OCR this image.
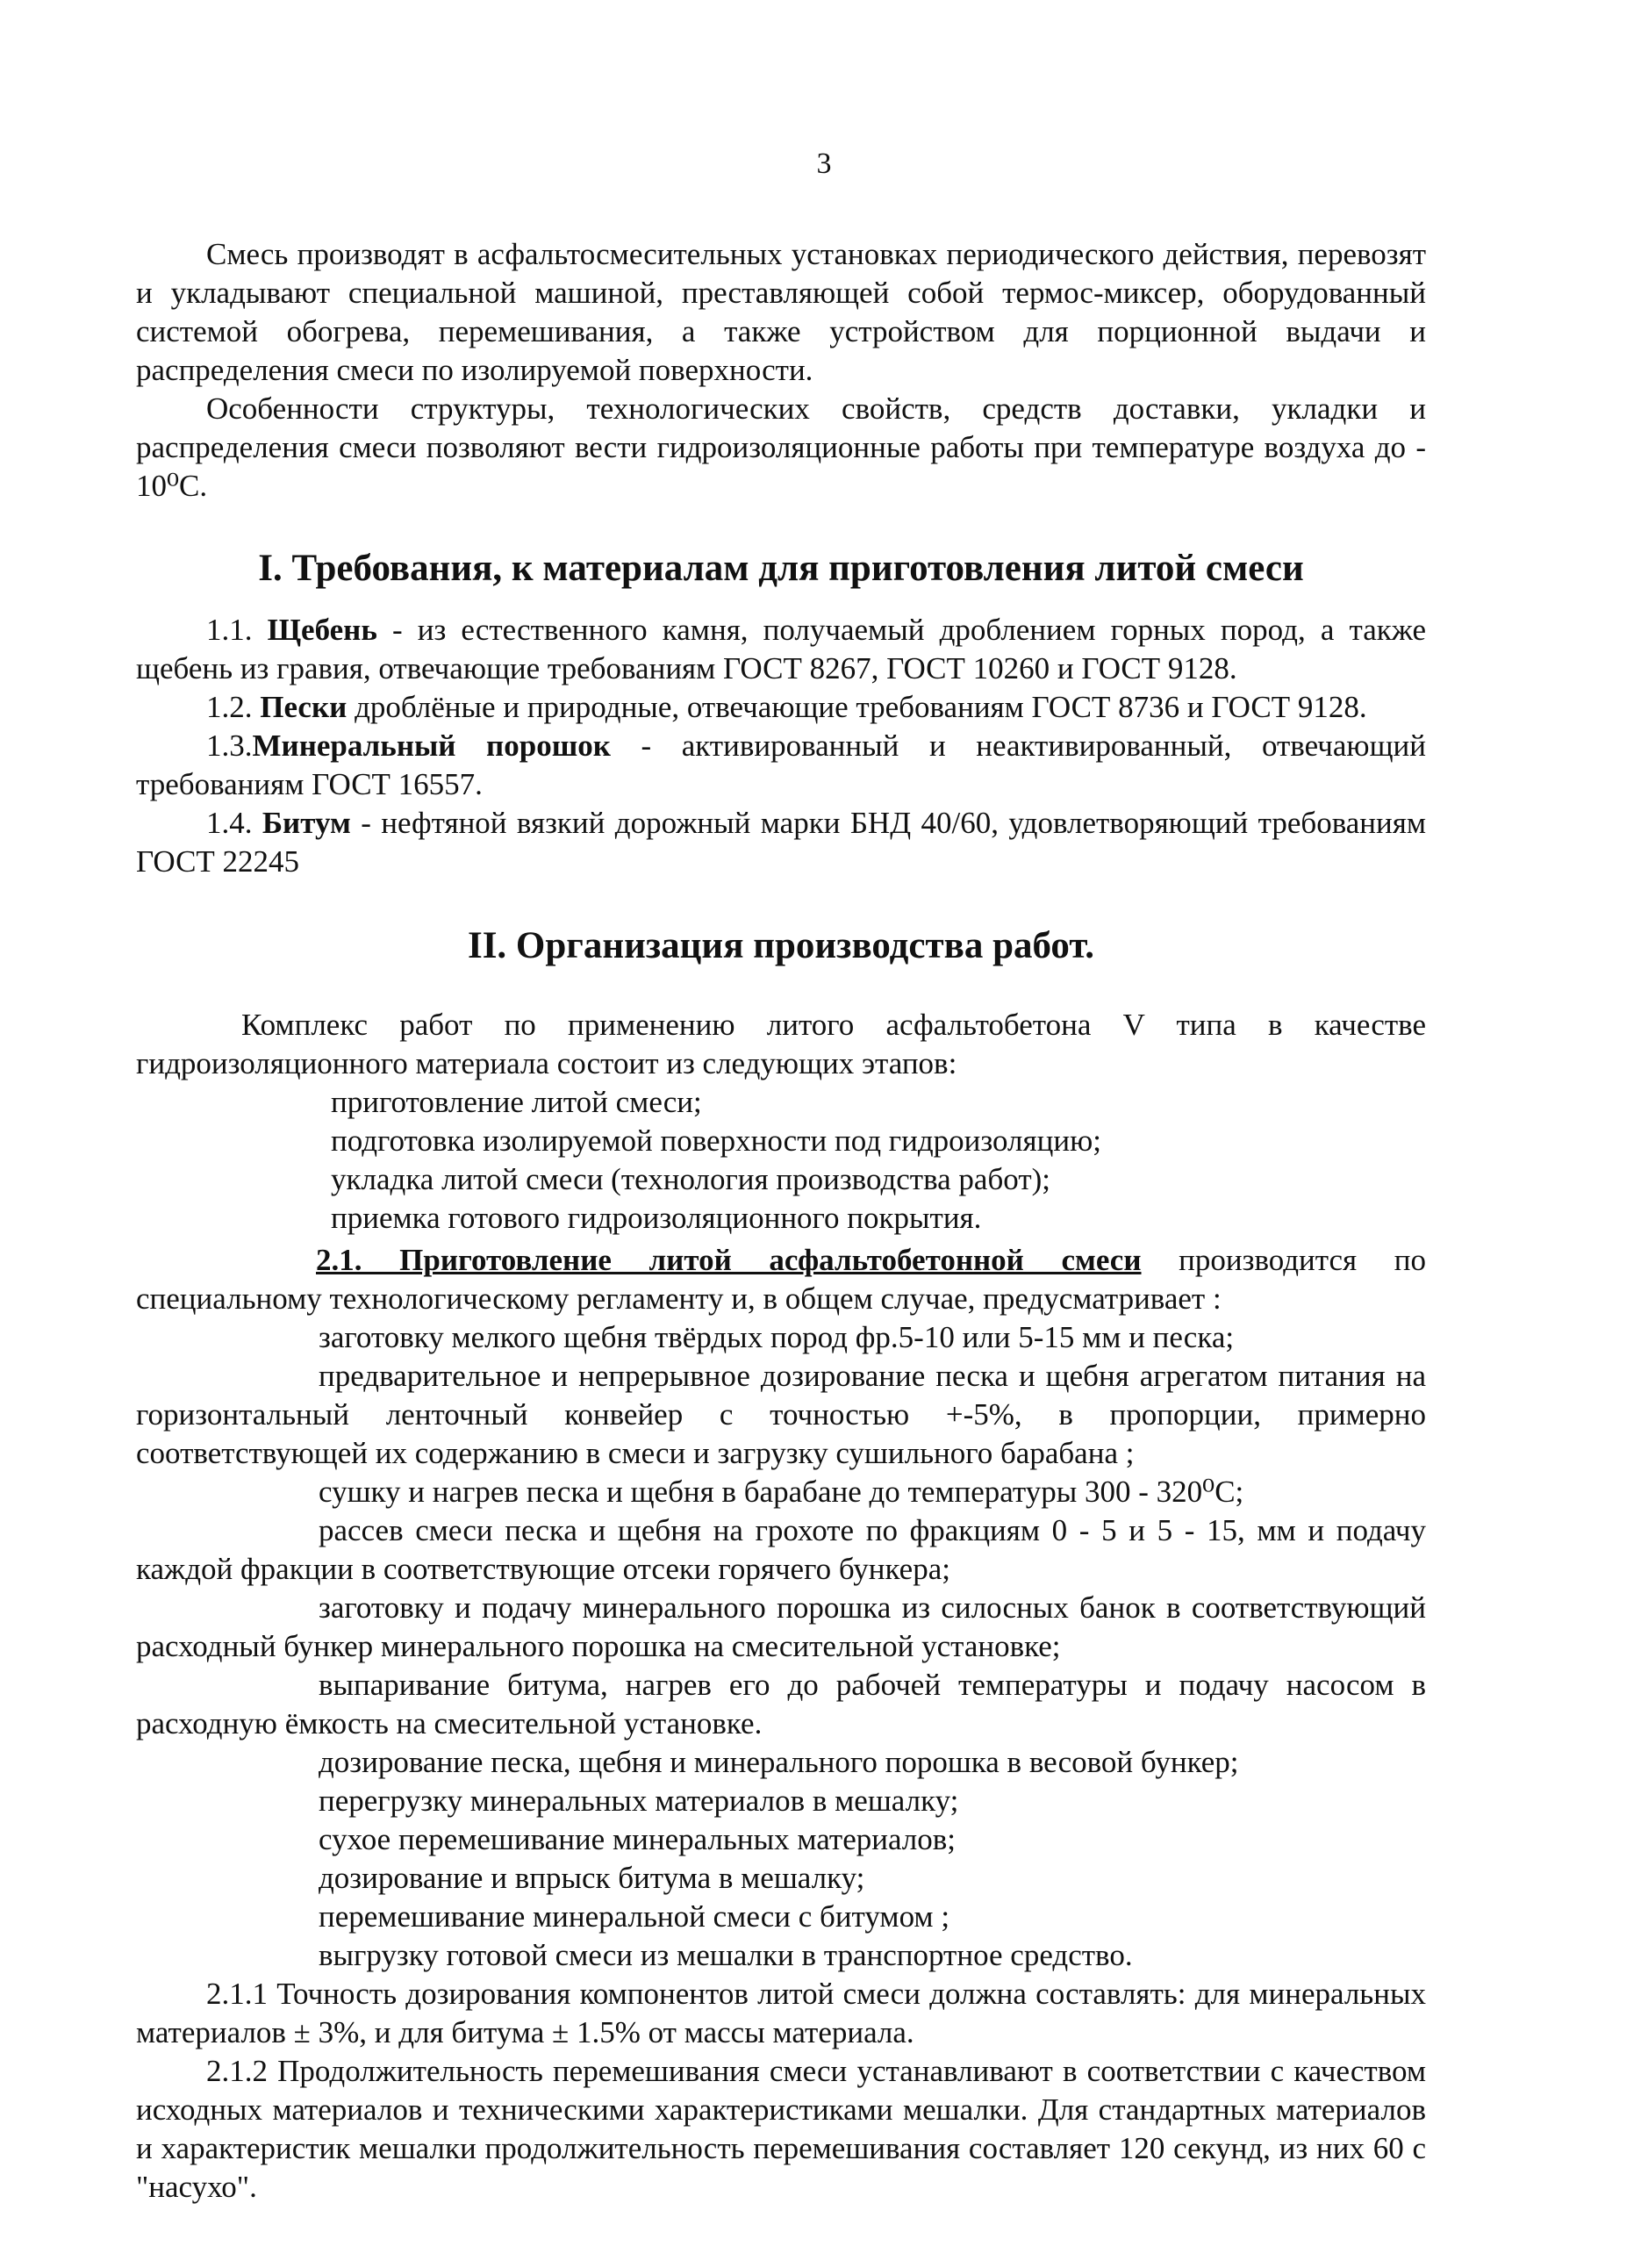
3

Смесь производят в асфальтосмесительных установках периодического действия, перевозят и укладывают специальной машиной, преставляющей собой термос-миксер, оборудованный системой обогрева, перемешивания, а также устройством для порционной выдачи и распределения смеси по изолируемой поверхности.

Особенности структуры, технологических свойств, средств доставки, укладки и распределения смеси позволяют вести гидроизоляционные работы при температуре воздуха до - 10⁰С.

I. Требования, к материалам для приготовления литой смеси

1.1. Щебень - из естественного камня, получаемый дроблением горных пород, а также щебень из гравия, отвечающие требованиям ГОСТ 8267, ГОСТ 10260 и ГОСТ 9128.

1.2. Пески дроблёные и природные, отвечающие требованиям ГОСТ 8736 и ГОСТ 9128.

1.3.Минеральный порошок - активированный и неактивированный, отвечающий требованиям ГОСТ 16557.

1.4. Битум - нефтяной вязкий дорожный марки БНД 40/60, удовлетворяющий требованиям ГОСТ 22245

II. Организация производства работ.

Комплекс работ по применению литого асфальтобетона V типа в качестве гидроизоляционного материала состоит из следующих этапов:

приготовление литой смеси;

подготовка изолируемой поверхности под гидроизоляцию;

укладка литой смеси (технология производства работ);

приемка готового гидроизоляционного покрытия.

2.1. Приготовление литой асфальтобетонной смеси производится по специальному технологическому регламенту и, в общем случае, предусматривает :

заготовку мелкого щебня твёрдых пород фр.5-10 или 5-15 мм и песка;

предварительное и непрерывное дозирование песка и щебня агрегатом питания на горизонтальный ленточный конвейер с точностью +-5%, в пропорции, примерно соответствующей их содержанию в смеси и загрузку сушильного барабана ;

сушку и нагрев песка и щебня в барабане до температуры 300 - 320⁰С;

рассев смеси песка и щебня на грохоте по фракциям 0 - 5 и 5 - 15, мм и подачу каждой фракции в соответствующие отсеки горячего бункера;

заготовку и подачу минерального порошка из силосных банок в соответствующий расходный бункер минерального порошка на смесительной установке;

выпаривание битума, нагрев его до рабочей температуры и подачу насосом в расходную ёмкость на смесительной установке.

дозирование песка, щебня и минерального порошка в весовой бункер;

перегрузку минеральных материалов в мешалку;

сухое перемешивание минеральных материалов;

дозирование и впрыск битума в мешалку;

перемешивание минеральной смеси с битумом ;

выгрузку готовой смеси из мешалки в транспортное средство.

2.1.1 Точность дозирования компонентов литой смеси должна составлять: для минеральных материалов ± 3%, и для битума ± 1.5% от массы материала.

2.1.2 Продолжительность перемешивания смеси устанавливают в соответствии с качеством исходных материалов и техническими характеристиками мешалки. Для стандартных материалов и характеристик мешалки продолжительность перемешивания составляет 120 секунд, из них 60 с "насухо".
